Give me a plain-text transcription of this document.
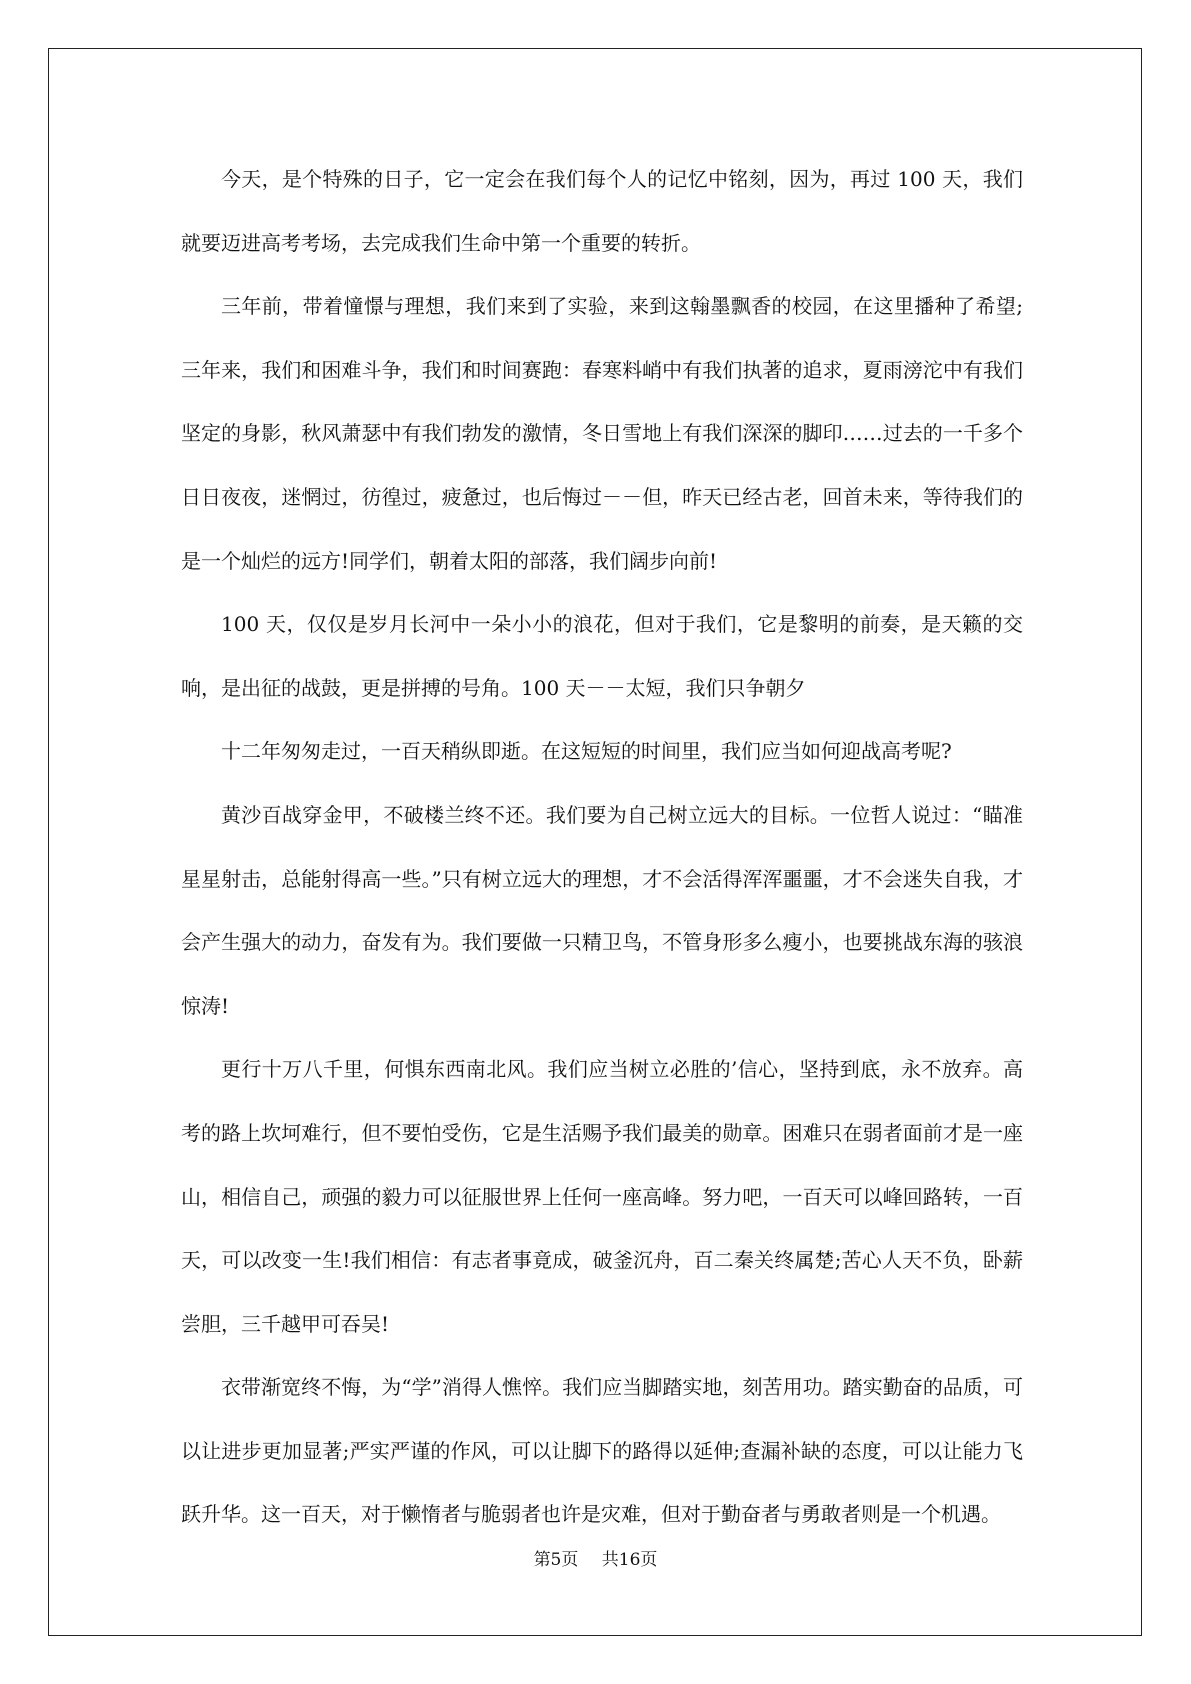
今天，是个特殊的日子，它一定会在我们每个人的记忆中铭刻，因为，再过 100 天，我们就要迈进高考考场，去完成我们生命中第一个重要的转折。

三年前，带着憧憬与理想，我们来到了实验，来到这翰墨飘香的校园，在这里播种了希望;三年来，我们和困难斗争，我们和时间赛跑：春寒料峭中有我们执著的追求，夏雨滂沱中有我们坚定的身影，秋风萧瑟中有我们勃发的激情，冬日雪地上有我们深深的脚印……过去的一千多个日日夜夜，迷惘过，彷徨过，疲惫过，也后悔过－－但，昨天已经古老，回首未来，等待我们的是一个灿烂的远方!同学们，朝着太阳的部落，我们阔步向前!

100 天，仅仅是岁月长河中一朵小小的浪花，但对于我们，它是黎明的前奏，是天籁的交响，是出征的战鼓，更是拼搏的号角。100 天－－太短，我们只争朝夕

十二年匆匆走过，一百天稍纵即逝。在这短短的时间里，我们应当如何迎战高考呢?

黄沙百战穿金甲，不破楼兰终不还。我们要为自己树立远大的目标。一位哲人说过：“瞄准星星射击，总能射得高一些。”只有树立远大的理想，才不会活得浑浑噩噩，才不会迷失自我，才会产生强大的动力，奋发有为。我们要做一只精卫鸟，不管身形多么瘦小，也要挑战东海的骇浪惊涛!

更行十万八千里，何惧东西南北风。我们应当树立必胜的’信心，坚持到底，永不放弃。高考的路上坎坷难行，但不要怕受伤，它是生活赐予我们最美的勋章。困难只在弱者面前才是一座山，相信自己，顽强的毅力可以征服世界上任何一座高峰。努力吧，一百天可以峰回路转，一百天，可以改变一生!我们相信：有志者事竟成，破釜沉舟，百二秦关终属楚;苦心人天不负，卧薪尝胆，三千越甲可吞吴!

衣带渐宽终不悔，为“学”消得人憔悴。我们应当脚踏实地，刻苦用功。踏实勤奋的品质，可以让进步更加显著;严实严谨的作风，可以让脚下的路得以延伸;查漏补缺的态度，可以让能力飞跃升华。这一百天，对于懒惰者与脆弱者也许是灾难，但对于勤奋者与勇敢者则是一个机遇。

第5页 共16页
